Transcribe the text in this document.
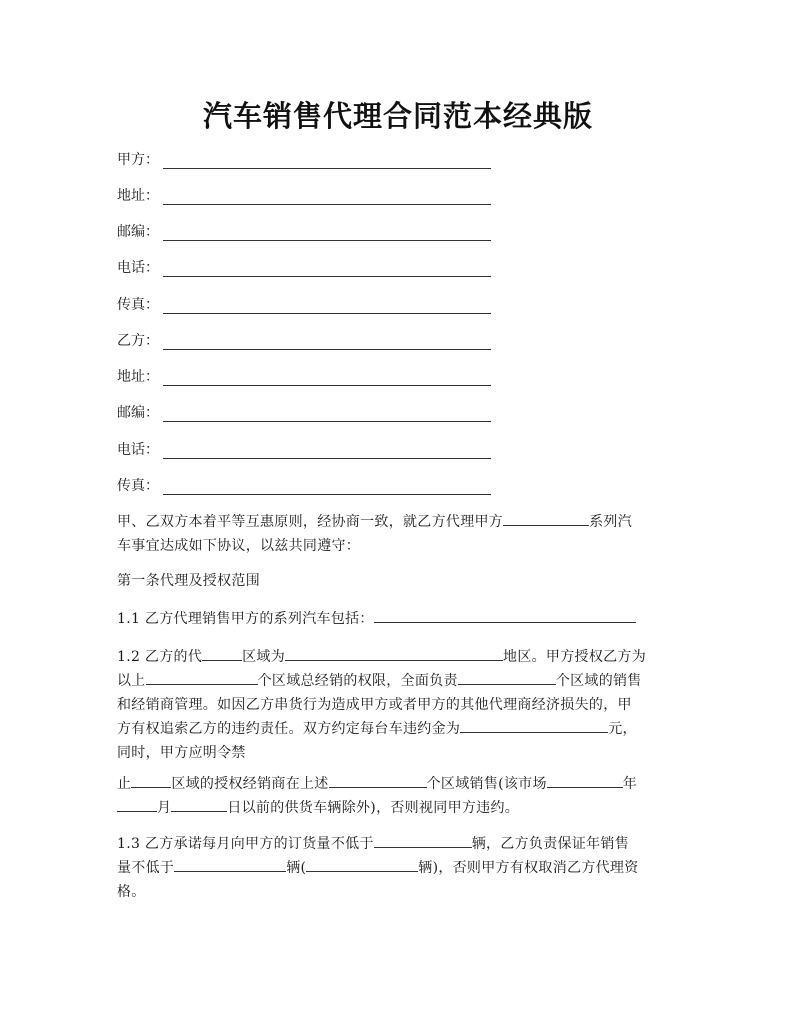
汽车销售代理合同范本经典版
甲方：
地址：
邮编：
电话：
传真：
乙方：
地址：
邮编：
电话：
传真：
甲、乙双方本着平等互惠原则，经协商一致，就乙方代理甲方	系列汽
车事宜达成如下协议，以兹共同遵守：
第一条代理及授权范围
1.1 乙方代理销售甲方的系列汽车包括：
1.2 乙方的代	区域为	地区。甲方授权乙方为
以上	个区域总经销的权限，全面负责	个区域的销售
和经销商管理。如因乙方串货行为造成甲方或者甲方的其他代理商经济损失的，甲
方有权追索乙方的违约责任。双方约定每台车违约金为	元，
同时，甲方应明令禁
止	区域的授权经销商在上述	个区域销售(该市场	年
月	日以前的供货车辆除外)，否则视同甲方违约。
1.3 乙方承诺每月向甲方的订货量不低于	辆，乙方负责保证年销售
量不低于	辆(	辆)，否则甲方有权取消乙方代理资
格。
